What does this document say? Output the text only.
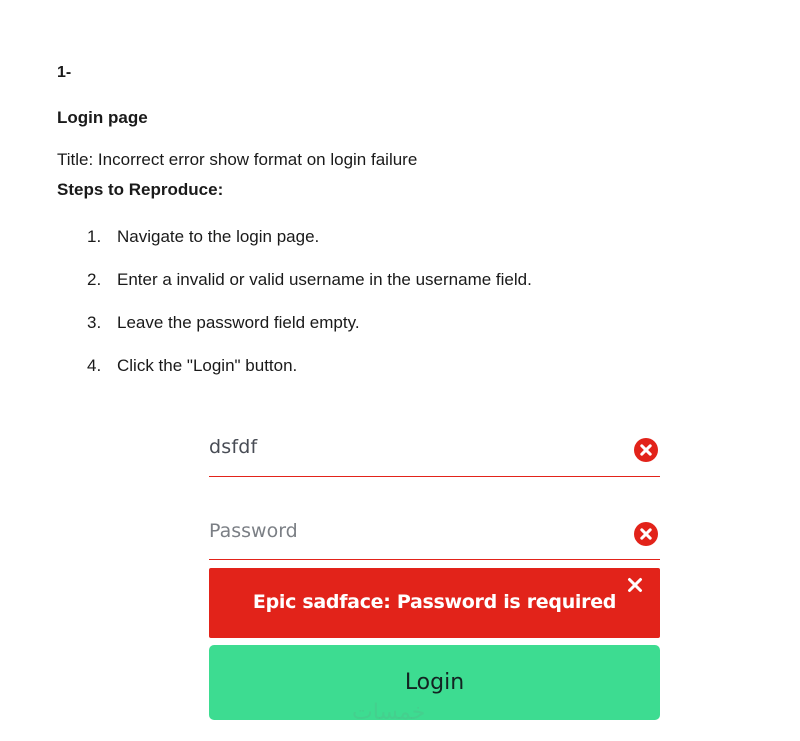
1-
Login page
Title: Incorrect error show format on login failure
Steps to Reproduce:
1. Navigate to the login page.
2. Enter a invalid or valid username in the username field.
3. Leave the password field empty.
4. Click the "Login" button.
dsfdf
Password
Epic sadface: Password is required
Login
خمسات
